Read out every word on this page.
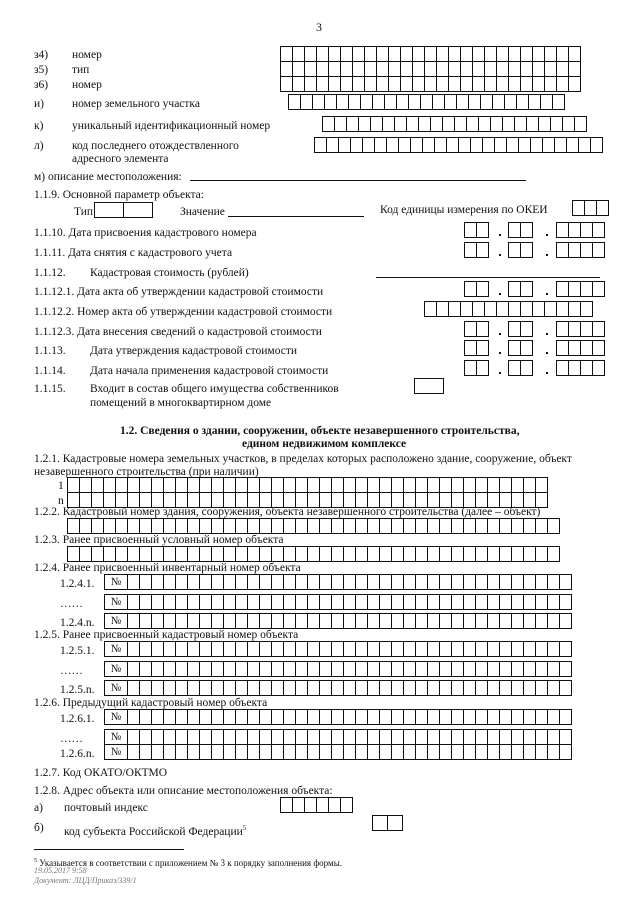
3
з4) номер
з5) тип
з6) номер
и) номер земельного участка
к) уникальный идентификационный номер
л) код последнего отождествленного
адресного элемента
м) описание местоположения:
1.1.9. Основной параметр объекта:
Тип	Значение	Код единицы измерения по ОКЕИ
1.1.10. Дата присвоения кадастрового номера
1.1.11. Дата снятия с кадастрового учета
1.1.12. Кадастровая стоимость (рублей)
1.1.12.1. Дата акта об утверждении кадастровой стоимости
1.1.12.2. Номер акта об утверждении кадастровой стоимости
1.1.12.3. Дата внесения сведений о кадастровой стоимости
1.1.13. Дата утверждения кадастровой стоимости
1.1.14. Дата начала применения кадастровой стоимости
1.1.15. Входит в состав общего имущества собственников
помещений в многоквартирном доме
1.2. Сведения о здании, сооружении, объекте незавершенного строительства,
едином недвижимом комплексе
1.2.1. Кадастровые номера земельных участков, в пределах которых расположено здание, сооружение, объект
незавершенного строительства (при наличии)
1
n
1.2.2. Кадастровый номер здания, сооружения, объекта незавершенного строительства (далее – объект)
1.2.3. Ранее присвоенный условный номер объекта
1.2.4. Ранее присвоенный инвентарный номер объекта
1.2.4.1.	№
……	№
1.2.4.n.	№
1.2.5. Ранее присвоенный кадастровый номер объекта
1.2.5.1.	№
……	№
1.2.5.n.	№
1.2.6. Предыдущий кадастровый номер объекта
1.2.6.1.	№
……	№
1.2.6.n.	№
1.2.7. Код ОКАТО/ОКТМО
1.2.8. Адрес объекта или описание местоположения объекта:
а) почтовый индекс
б) код субъекта Российской Федерации$^5$
$^5$ Указывается в соответствии с приложением № 3 к порядку заполнения формы.
19.05.2017 9:58
Документ: ЛЦД/Приказ/339/1
